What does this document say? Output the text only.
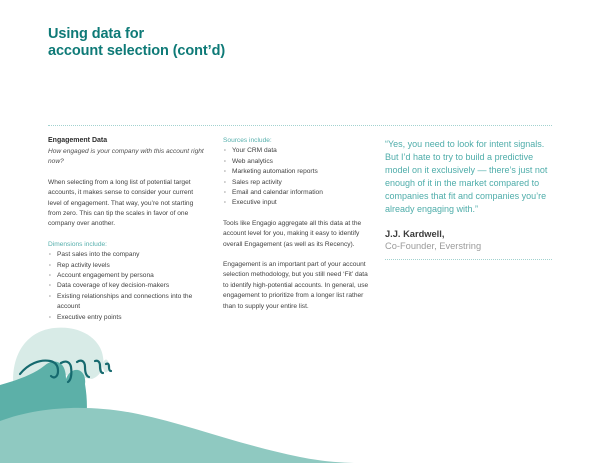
Using data for
account selection (cont’d)
Engagement Data

How engaged is your company with this account right now?

When selecting from a long list of potential target accounts, it makes sense to consider your current level of engagement. That way, you’re not starting from zero. This can tip the scales in favor of one company over another.

Dimensions include:

· Past sales into the company
· Rep activity levels
· Account engagement by persona
· Data coverage of key decision-makers
· Existing relationships and connections into the account
· Executive entry points

Sources include:

· Your CRM data
· Web analytics
· Marketing automation reports
· Sales rep activity
· Email and calendar information
· Executive input

Tools like Engagio aggregate all this data at the account level for you, making it easy to identify overall Engagement (as well as its Recency).

Engagement is an important part of your account selection methodology, but you still need ‘Fit’ data to identify high-potential accounts. In general, use engagement to prioritize from a longer list rather than to supply your entire list.

“Yes, you need to look for intent signals. But I’d hate to try to build a predictive model on it exclusively — there’s just not enough of it in the market compared to companies that fit and companies you’re already engaging with.”

J.J. Kardwell,

Co-Founder, Everstring
